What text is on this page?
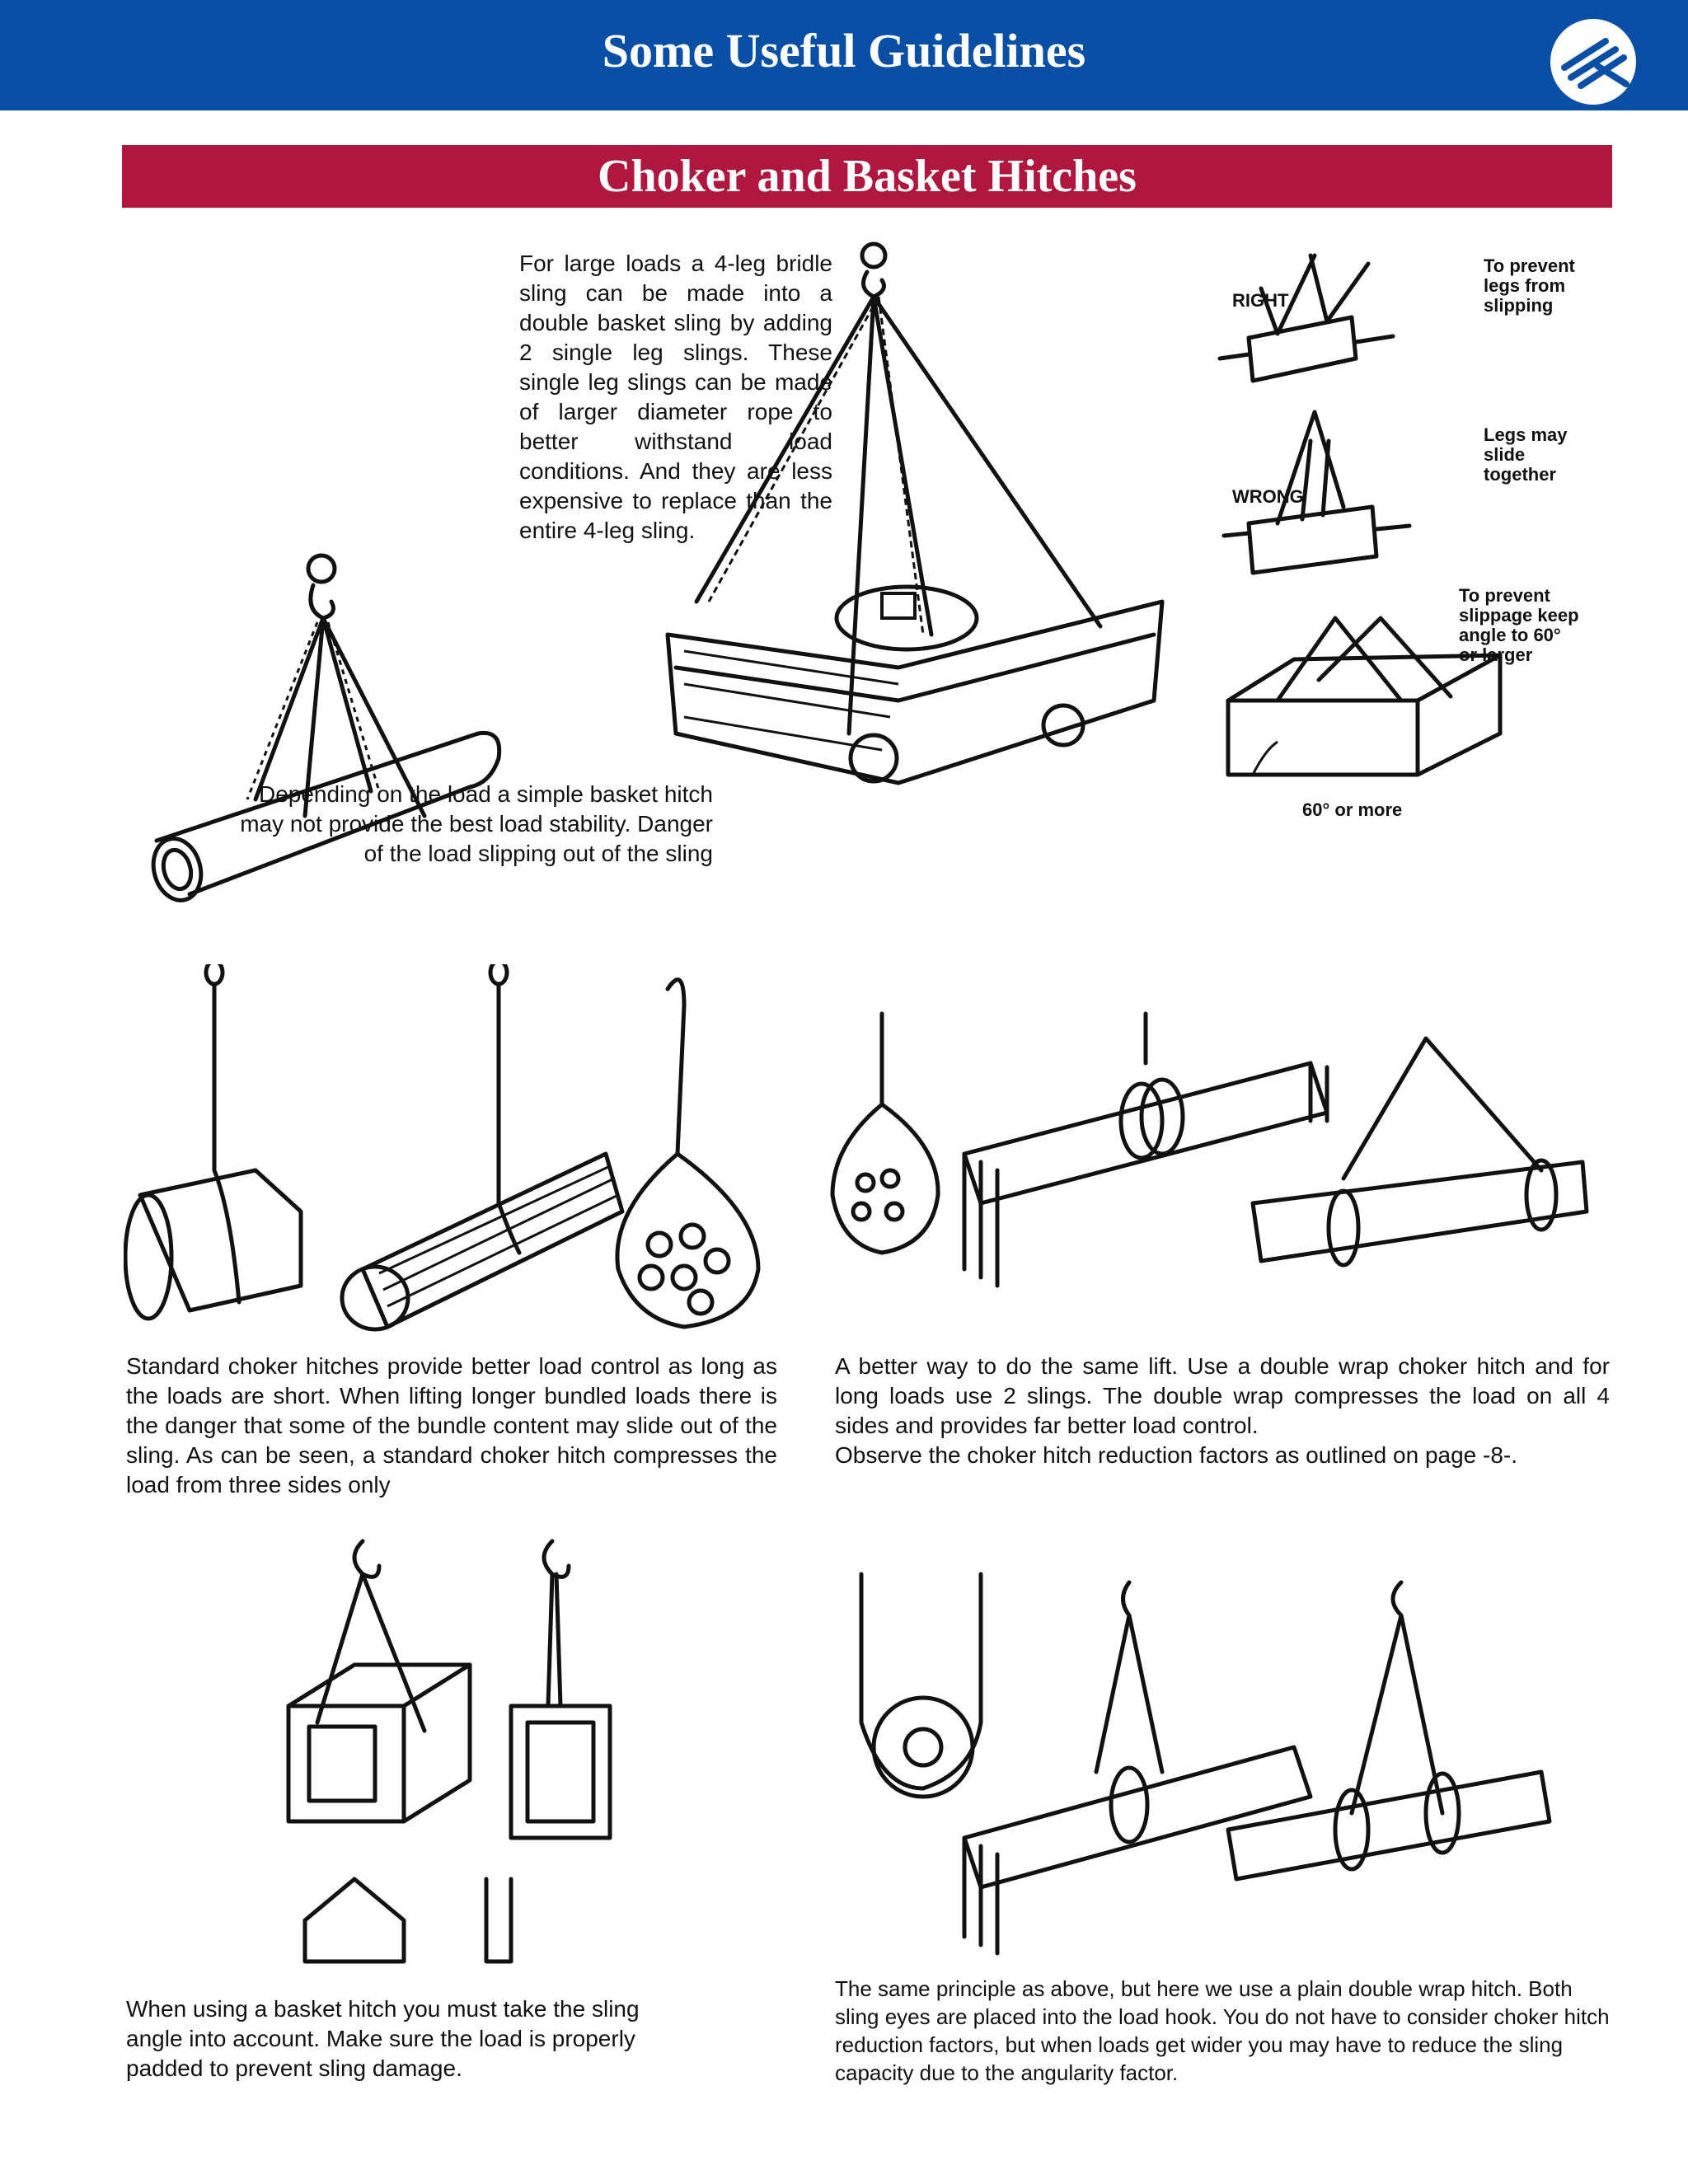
Some Useful Guidelines
Choker and Basket Hitches
RIGHT
To prevent legs from slipping
WRONG
Legs may slide together
60° or more
To prevent slippage keep angle to 60° or larger
For large loads a 4-leg bridle sling can be made into a double basket sling by adding 2 single leg slings. These single leg slings can be made of larger diameter rope to better withstand load conditions. And they are less expensive to replace than the entire 4-leg sling.
Depending on the load a simple basket hitch may not provide the best load stability. Danger of the load slipping out of the sling
Standard choker hitches provide better load control as long as the loads are short. When lifting longer bundled loads there is the danger that some of the bundle content may slide out of the sling. As can be seen, a standard choker hitch compresses the load from three sides only
A better way to do the same lift. Use a double wrap choker hitch and for long loads use 2 slings. The double wrap compresses the load on all 4 sides and provides far better load control.
Observe the choker hitch reduction factors as outlined on page -8-.
When using a basket hitch you must take the sling angle into account. Make sure the load is properly padded to prevent sling damage.
The same principle as above, but here we use a plain double wrap hitch. Both sling eyes are placed into the load hook. You do not have to consider choker hitch reduction factors, but when loads get wider you may have to reduce the sling capacity due to the angularity factor.
